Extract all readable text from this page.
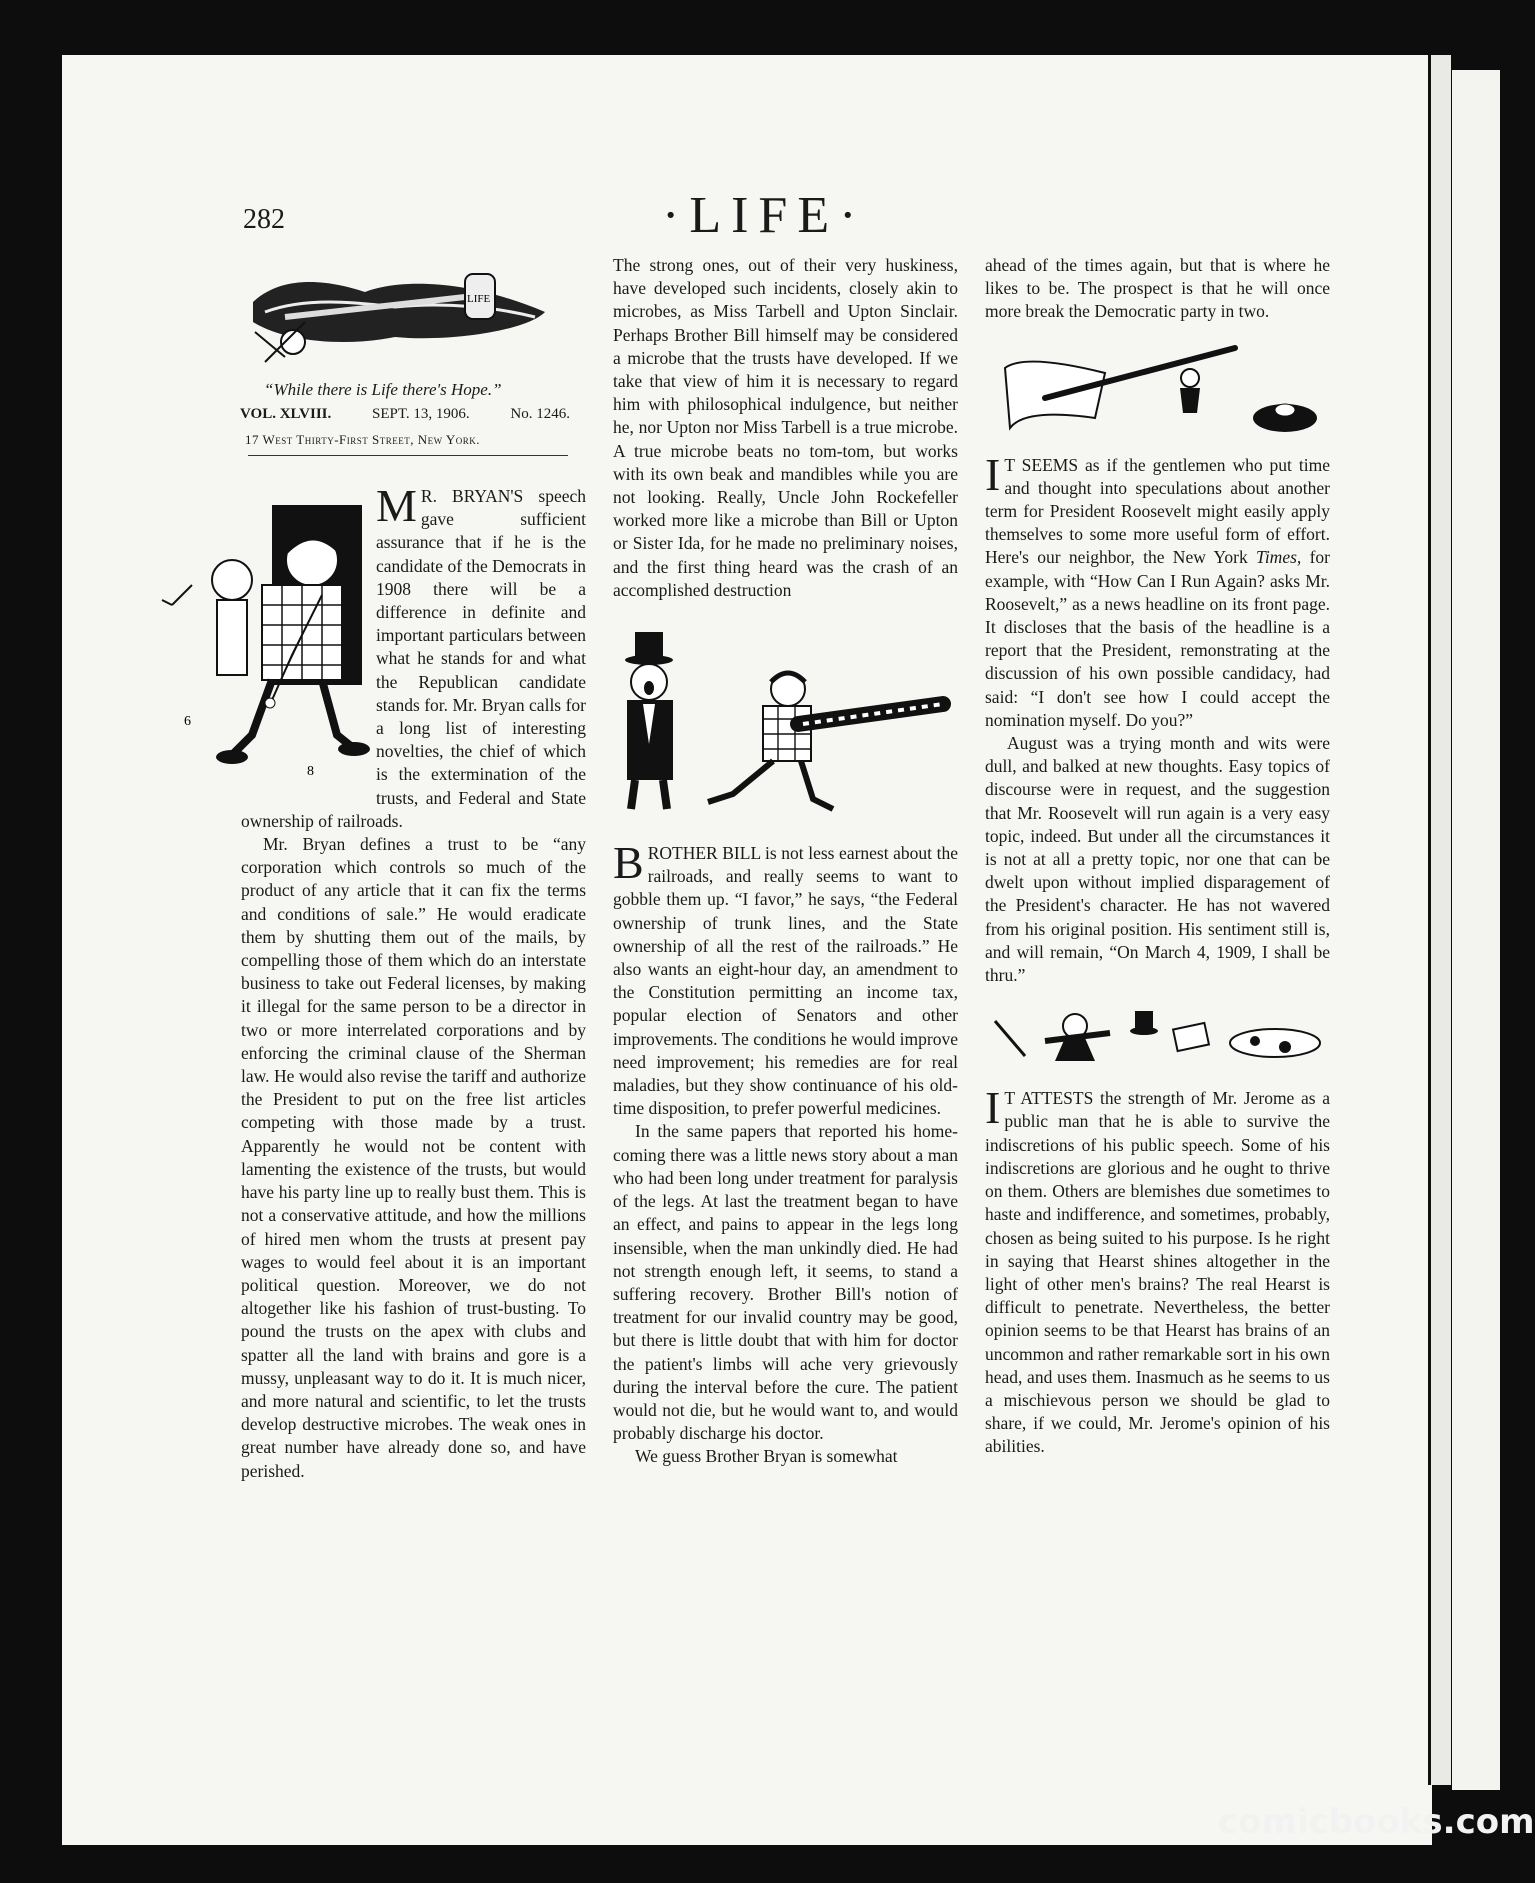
282	·LIFE·
LIFE
“While there is Life there's Hope.”
VOL. XLVIII.	SEPT. 13, 1906.	No. 1246.
17 West Thirty-First Street, New York.
8
6

M R. BRYAN'S speech gave sufficient assurance that if he is the candidate of the Democrats in 1908 there will be a difference in definite and important particulars between what he stands for and what the Republican candidate stands for. Mr. Bryan calls for a long list of interesting novelties, the chief of which is the extermination of the trusts, and Federal and State ownership of railroads.

Mr. Bryan defines a trust to be “any corporation which controls so much of the product of any article that it can fix the terms and conditions of sale.” He would eradicate them by shutting them out of the mails, by compelling those of them which do an interstate business to take out Federal licenses, by making it illegal for the same person to be a director in two or more interrelated corporations and by enforcing the criminal clause of the Sherman law. He would also revise the tariff and authorize the President to put on the free list articles competing with those made by a trust. Apparently he would not be content with lamenting the existence of the trusts, but would have his party line up to really bust them. This is not a conservative attitude, and how the millions of hired men whom the trusts at present pay wages to would feel about it is an important political question. Moreover, we do not altogether like his fashion of trust-busting. To pound the trusts on the apex with clubs and spatter all the land with brains and gore is a mussy, unpleasant way to do it. It is much nicer, and more natural and scientific, to let the trusts develop destructive microbes. The weak ones in great number have already done so, and have perished.

The strong ones, out of their very huskiness, have developed such incidents, closely akin to microbes, as Miss Tarbell and Upton Sinclair. Perhaps Brother Bill himself may be considered a microbe that the trusts have developed. If we take that view of him it is necessary to regard him with philosophical indulgence, but neither he, nor Upton nor Miss Tarbell is a true microbe. A true microbe beats no tom-tom, but works with its own beak and mandibles while you are not looking. Really, Uncle John Rockefeller worked more like a microbe than Bill or Upton or Sister Ida, for he made no preliminary noises, and the first thing heard was the crash of an accomplished destruction

BROTHER BILL is not less earnest about the railroads, and really seems to want to gobble them up. “I favor,” he says, “the Federal ownership of trunk lines, and the State ownership of all the rest of the railroads.” He also wants an eight-hour day, an amendment to the Constitution permitting an income tax, popular election of Senators and other improvements. The conditions he would improve need improvement; his remedies are for real maladies, but they show continuance of his old-time disposition, to prefer powerful medicines.

In the same papers that reported his home-coming there was a little news story about a man who had been long under treatment for paralysis of the legs. At last the treatment began to have an effect, and pains to appear in the legs long insensible, when the man unkindly died. He had not strength enough left, it seems, to stand a suffering recovery. Brother Bill's notion of treatment for our invalid country may be good, but there is little doubt that with him for doctor the patient's limbs will ache very grievously during the interval before the cure. The patient would not die, but he would want to, and would probably discharge his doctor.

We guess Brother Bryan is somewhat

ahead of the times again, but that is where he likes to be. The prospect is that he will once more break the Democratic party in two.

I T SEEMS as if the gentlemen who put time and thought into speculations about another term for President Roosevelt might easily apply themselves to some more useful form of effort. Here's our neighbor, the New York Times, for example, with “How Can I Run Again? asks Mr. Roosevelt,” as a news headline on its front page. It discloses that the basis of the headline is a report that the President, remonstrating at the discussion of his own possible candidacy, had said: “I don't see how I could accept the nomination myself. Do you?”

August was a trying month and wits were dull, and balked at new thoughts. Easy topics of discourse were in request, and the suggestion that Mr. Roosevelt will run again is a very easy topic, indeed. But under all the circumstances it is not at all a pretty topic, nor one that can be dwelt upon without implied disparagement of the President's character. He has not wavered from his original position. His sentiment still is, and will remain, “On March 4, 1909, I shall be thru.”

I T ATTESTS the strength of Mr. Jerome as a public man that he is able to survive the indiscretions of his public speech. Some of his indiscretions are glorious and he ought to thrive on them. Others are blemishes due sometimes to haste and indifference, and sometimes, probably, chosen as being suited to his purpose. Is he right in saying that Hearst shines altogether in the light of other men's brains? The real Hearst is difficult to penetrate. Nevertheless, the better opinion seems to be that Hearst has brains of an uncommon and rather remarkable sort in his own head, and uses them. Inasmuch as he seems to us a mischievous person we should be glad to share, if we could, Mr. Jerome's opinion of his abilities.

comicbooks.com
